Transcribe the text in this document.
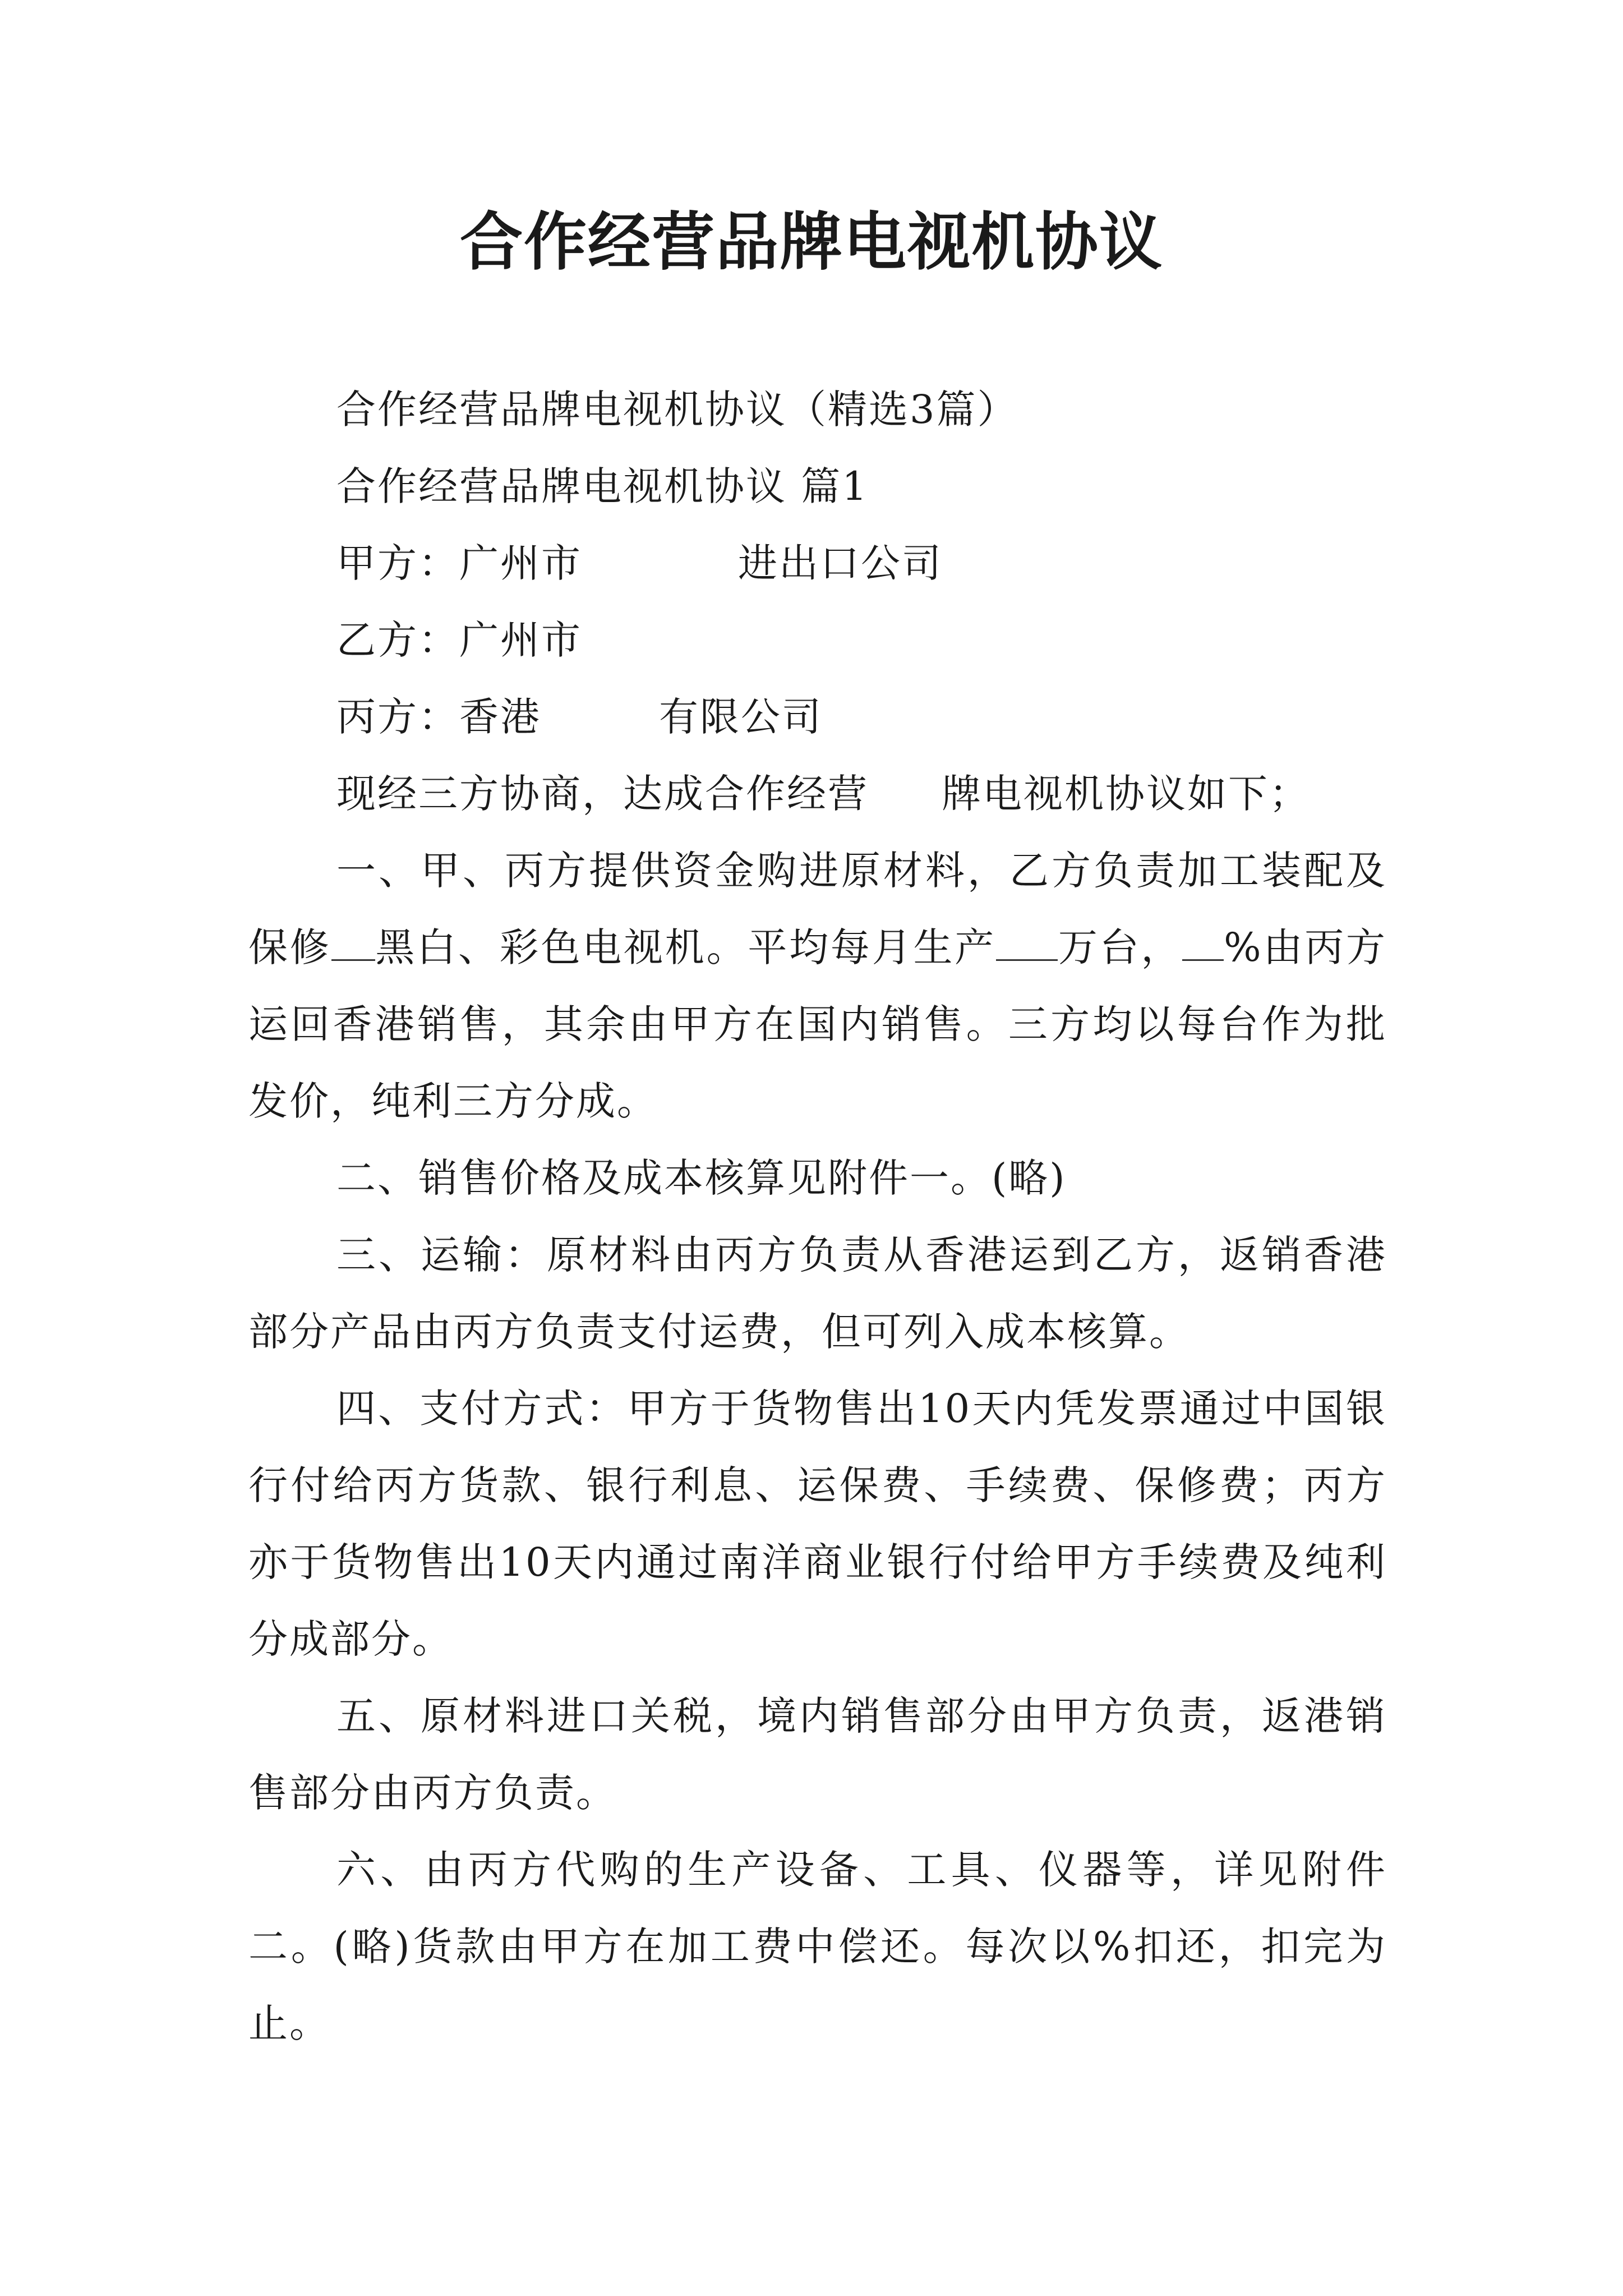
合作经营品牌电视机协议

合作经营品牌电视机协议（精选3篇）

合作经营品牌电视机协议 篇1

甲方：广州市	进出口公司

乙方：广州市

丙方：香港	有限公司

现经三方协商，达成合作经营 牌电视机协议如下；

一、甲、丙方提供资金购进原材料，乙方负责加工装配及保修 黑白、彩色电视机。平均每月生产 万台， %由丙方运回香港销售，其余由甲方在国内销售。三方均以每台作为批发价，纯利三方分成。

二、销售价格及成本核算见附件一。(略)

三、运输：原材料由丙方负责从香港运到乙方，返销香港部分产品由丙方负责支付运费，但可列入成本核算。

四、支付方式：甲方于货物售出10天内凭发票通过中国银行付给丙方货款、银行利息、运保费、手续费、保修费；丙方亦于货物售出10天内通过南洋商业银行付给甲方手续费及纯利分成部分。

五、原材料进口关税，境内销售部分由甲方负责，返港销售部分由丙方负责。

六、由丙方代购的生产设备、工具、仪器等，详见附件二。(略)货款由甲方在加工费中偿还。每次以%扣还，扣完为止。
